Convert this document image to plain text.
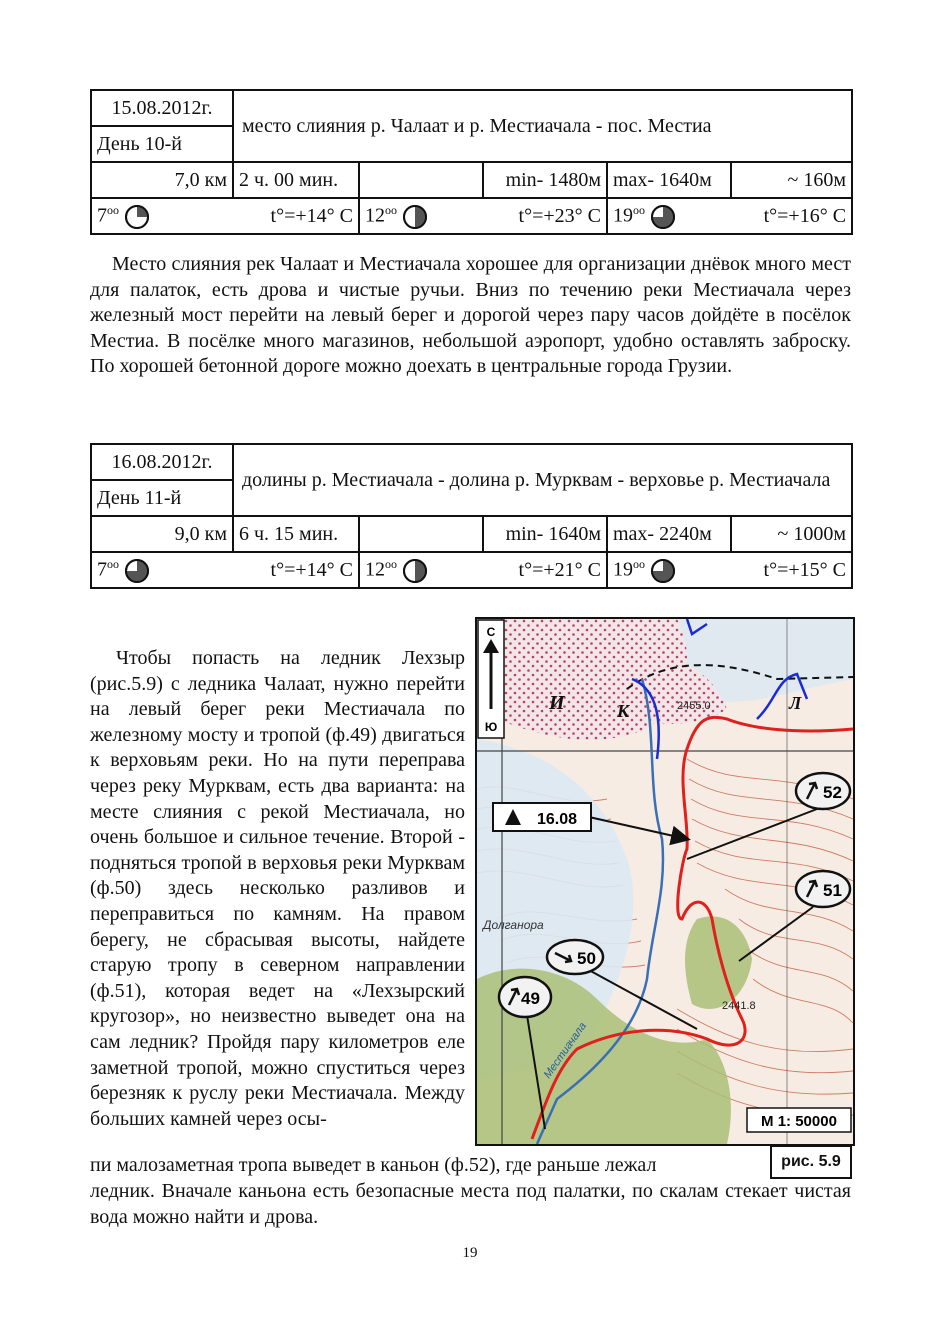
15.08.2012г.	место слияния р. Чалаат и р. Местиачала - пос. Местиа				
День 10-й					
7,0 км	2 ч. 00 мин.		min- 1480м	max- 1640м	~ 160м

$7^{oo}$ t°=+14° C		$12^{oo}$ t°=+23° C		$19^{oo}$ t°=+16° C	

Место слияния рек Чалаат и Местиачала хорошее для организации днёвок много мест для палаток, есть дрова и чистые ручьи. Вниз по течению реки Местиачала через железный мост перейти на левый берег и дорогой через пару часов дойдёте в посёлок Местиа. В посёлке много магазинов, небольшой аэропорт, удобно оставлять заброску. По хорошей бетонной дороге можно доехать в центральные города Грузии.

16.08.2012г.	долины р. Местиачала - долина р. Мурквам - верховье р. Местиачала				
День 11-й					
9,0 км	6 ч. 15 мин.		min- 1640м	max- 2240м	~ 1000м

$7^{oo}$ t°=+14° C		$12^{oo}$ t°=+21° C		$19^{oo}$ t°=+15° C	

Чтобы попасть на ледник Лехзыр (рис.5.9) с ледника Чалаат, нужно перейти на левый берег реки Местиачала по железному мосту и тропой (ф.49) двигаться к верховьям реки. Но на пути переправа через реку Мурквам, есть два варианта: на месте слияния с рекой Местиачала, но очень большое и сильное течение. Второй - подняться тропой в верховья реки Мурквам (ф.50) здесь несколько разливов и переправиться по камням. На правом берегу, не сбрасывая высоты, найдете старую тропу в северном направлении (ф.51), которая ведет на «Лехзырский кругозор», но неизвестно выведет она на сам ледник? Пройдя пару километров еле заметной тропой, можно спуститься через березняк к руслу реки Местиачала. Между больших камней через осы-

пи малозаметная тропа выведет в каньон (ф.52), где раньше лежал

ледник. Вначале каньона есть безопасные места под палатки, по скалам стекает чистая вода можно найти и дрова.

2455.0
2441.8
Долганора
И	К	Л
Местиачала
С
Ю
16.08
52
51
50
49
М 1: 50000
рис. 5.9
19
